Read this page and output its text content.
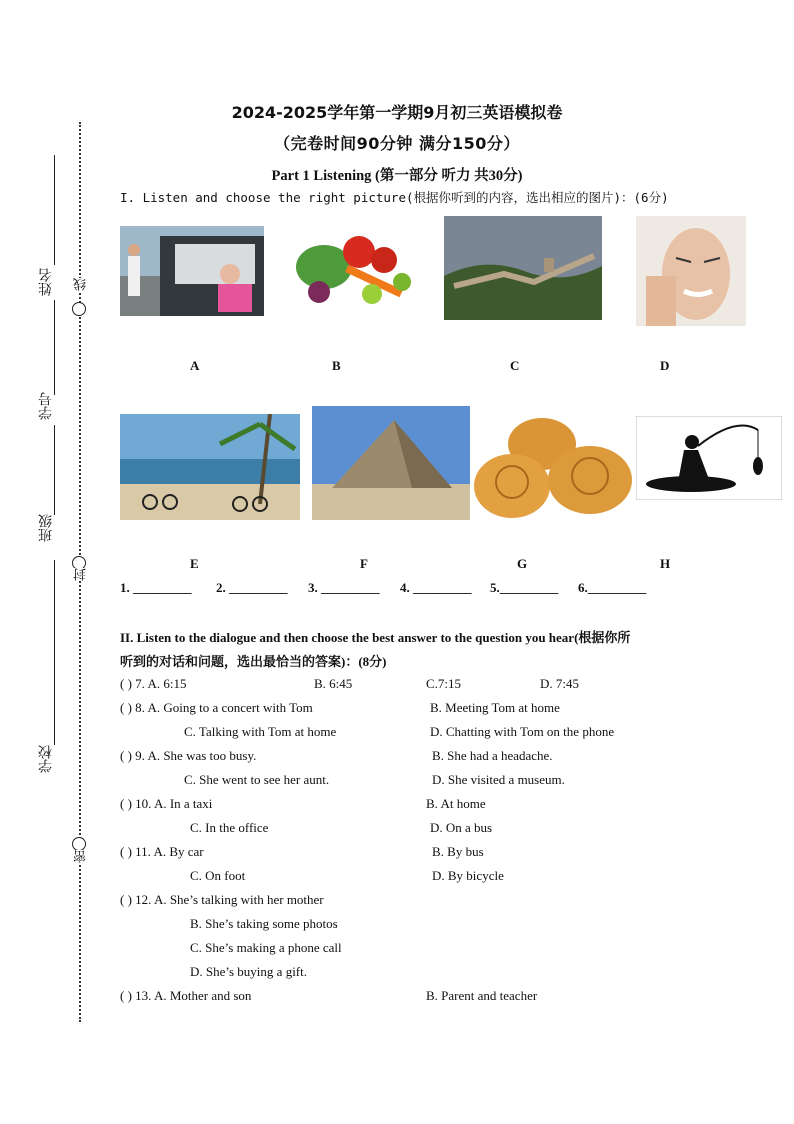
线
封
密
姓名
学号
班级
学校
2024-2025学年第一学期9月初三英语模拟卷
（完卷时间90分钟 满分150分）
Part 1 Listening (第一部分 听力 共30分)
I. Listen and choose the right picture(根据你听到的内容，选出相应的图片)：(6分)
A	B	C	D
E	F	G	H
1. _________ 2. _________ 3. _________ 4. _________ 5._________ 6._________
II. Listen to the dialogue and then choose the best answer to the question you hear(根据你所
听到的对话和问题，选出最恰当的答案)：(8分)
( ) 7. A. 6:15	B. 6:45	C.7:15	D. 7:45
( ) 8. A. Going to a concert with Tom	B. Meeting Tom at home
C. Talking with Tom at home	D. Chatting with Tom on the phone
( ) 9. A. She was too busy.	B. She had a headache.
C. She went to see her aunt.	D. She visited a museum.
( ) 10. A. In a taxi	B. At home
C. In the office	D. On a bus
( ) 11. A. By car	B. By bus
C. On foot	D. By bicycle
( ) 12. A. She’s talking with her mother
B. She’s taking some photos
C. She’s making a phone call
D. She’s buying a gift.
( ) 13. A. Mother and son	B. Parent and teacher
